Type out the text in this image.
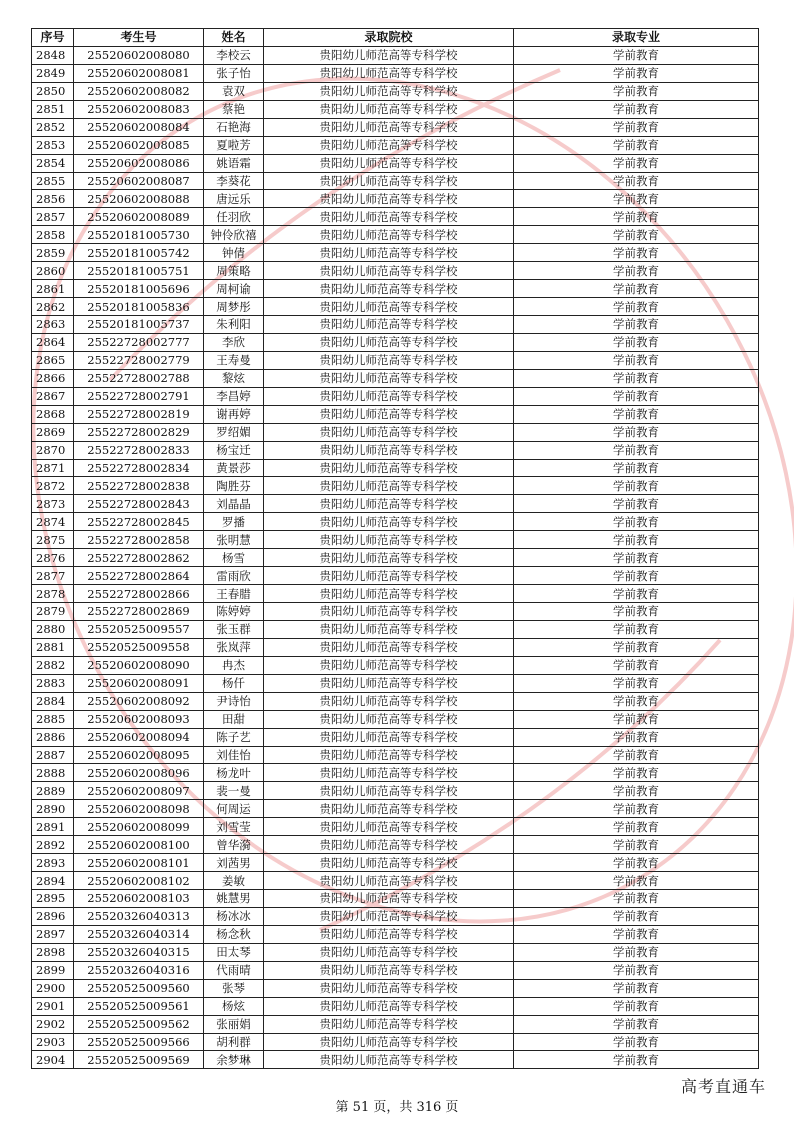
序号	考生号	姓名	录取院校	录取专业
2848	25520602008080	李校云	贵阳幼儿师范高等专科学校	学前教育
2849	25520602008081	张子怡	贵阳幼儿师范高等专科学校	学前教育
2850	25520602008082	袁双	贵阳幼儿师范高等专科学校	学前教育
2851	25520602008083	蔡艳	贵阳幼儿师范高等专科学校	学前教育
2852	25520602008084	石艳海	贵阳幼儿师范高等专科学校	学前教育
2853	25520602008085	夏啦芳	贵阳幼儿师范高等专科学校	学前教育
2854	25520602008086	姚语霜	贵阳幼儿师范高等专科学校	学前教育
2855	25520602008087	李葵花	贵阳幼儿师范高等专科学校	学前教育
2856	25520602008088	唐远乐	贵阳幼儿师范高等专科学校	学前教育
2857	25520602008089	任羽欣	贵阳幼儿师范高等专科学校	学前教育
2858	25520181005730	钟伶欣禧	贵阳幼儿师范高等专科学校	学前教育
2859	25520181005742	钟倩	贵阳幼儿师范高等专科学校	学前教育
2860	25520181005751	周策略	贵阳幼儿师范高等专科学校	学前教育
2861	25520181005696	周柯谕	贵阳幼儿师范高等专科学校	学前教育
2862	25520181005836	周梦彤	贵阳幼儿师范高等专科学校	学前教育
2863	25520181005737	朱利阳	贵阳幼儿师范高等专科学校	学前教育
2864	25522728002777	李欣	贵阳幼儿师范高等专科学校	学前教育
2865	25522728002779	王寿曼	贵阳幼儿师范高等专科学校	学前教育
2866	25522728002788	黎炫	贵阳幼儿师范高等专科学校	学前教育
2867	25522728002791	李昌婷	贵阳幼儿师范高等专科学校	学前教育
2868	25522728002819	谢再婷	贵阳幼儿师范高等专科学校	学前教育
2869	25522728002829	罗绍媚	贵阳幼儿师范高等专科学校	学前教育
2870	25522728002833	杨宝迁	贵阳幼儿师范高等专科学校	学前教育
2871	25522728002834	黄景莎	贵阳幼儿师范高等专科学校	学前教育
2872	25522728002838	陶胜芬	贵阳幼儿师范高等专科学校	学前教育
2873	25522728002843	刘晶晶	贵阳幼儿师范高等专科学校	学前教育
2874	25522728002845	罗播	贵阳幼儿师范高等专科学校	学前教育
2875	25522728002858	张明慧	贵阳幼儿师范高等专科学校	学前教育
2876	25522728002862	杨雪	贵阳幼儿师范高等专科学校	学前教育
2877	25522728002864	雷雨欣	贵阳幼儿师范高等专科学校	学前教育
2878	25522728002866	王春腊	贵阳幼儿师范高等专科学校	学前教育
2879	25522728002869	陈婷婷	贵阳幼儿师范高等专科学校	学前教育
2880	25520525009557	张玉群	贵阳幼儿师范高等专科学校	学前教育
2881	25520525009558	张岚萍	贵阳幼儿师范高等专科学校	学前教育
2882	25520602008090	冉杰	贵阳幼儿师范高等专科学校	学前教育
2883	25520602008091	杨仟	贵阳幼儿师范高等专科学校	学前教育
2884	25520602008092	尹诗怡	贵阳幼儿师范高等专科学校	学前教育
2885	25520602008093	田甜	贵阳幼儿师范高等专科学校	学前教育
2886	25520602008094	陈子艺	贵阳幼儿师范高等专科学校	学前教育
2887	25520602008095	刘佳怡	贵阳幼儿师范高等专科学校	学前教育
2888	25520602008096	杨龙叶	贵阳幼儿师范高等专科学校	学前教育
2889	25520602008097	裴一曼	贵阳幼儿师范高等专科学校	学前教育
2890	25520602008098	何周运	贵阳幼儿师范高等专科学校	学前教育
2891	25520602008099	刘雪莹	贵阳幼儿师范高等专科学校	学前教育
2892	25520602008100	曾华漪	贵阳幼儿师范高等专科学校	学前教育
2893	25520602008101	刘茜男	贵阳幼儿师范高等专科学校	学前教育
2894	25520602008102	姜敏	贵阳幼儿师范高等专科学校	学前教育
2895	25520602008103	姚慧男	贵阳幼儿师范高等专科学校	学前教育
2896	25520326040313	杨冰冰	贵阳幼儿师范高等专科学校	学前教育
2897	25520326040314	杨念秋	贵阳幼儿师范高等专科学校	学前教育
2898	25520326040315	田太琴	贵阳幼儿师范高等专科学校	学前教育
2899	25520326040316	代雨晴	贵阳幼儿师范高等专科学校	学前教育
2900	25520525009560	张琴	贵阳幼儿师范高等专科学校	学前教育
2901	25520525009561	杨炫	贵阳幼儿师范高等专科学校	学前教育
2902	25520525009562	张丽娟	贵阳幼儿师范高等专科学校	学前教育
2903	25520525009566	胡利群	贵阳幼儿师范高等专科学校	学前教育
2904	25520525009569	余梦琳	贵阳幼儿师范高等专科学校	学前教育
高考直通车
第 51 页，共 316 页
